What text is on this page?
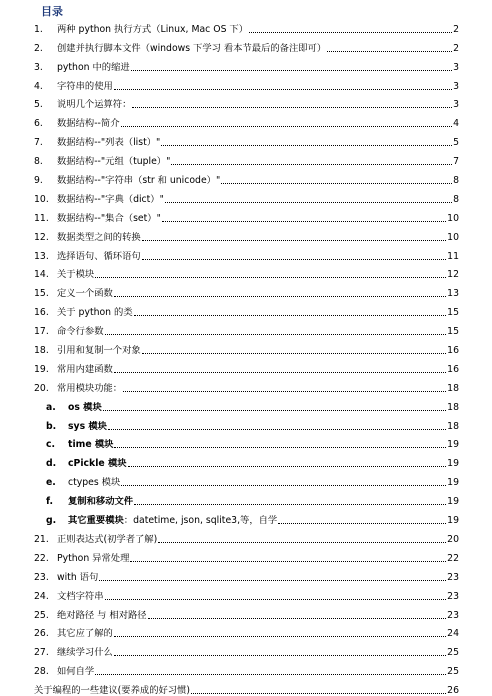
目录
1. 两种 python 执行方式（Linux, Mac OS 下）	2
2. 创建并执行脚本文件（windows 下学习 看本节最后的备注即可）	2
3. python 中的缩进	3
4. 字符串的使用	3
5. 说明几个运算符：	3
6. 数据结构--简介	4
7. 数据结构--"列表（list）"	5
8. 数据结构--"元组（tuple）"	7
9. 数据结构--"字符串（str 和 unicode）"	8
10. 数据结构--"字典（dict）"	8
11. 数据结构--"集合（set）"	10
12. 数据类型之间的转换	10
13. 选择语句、循环语句	11
14. 关于模块	12
15. 定义一个函数	13
16. 关于 python 的类	15
17. 命令行参数	15
18. 引用和复制一个对象	16
19. 常用内建函数	16
20. 常用模块功能：	18
a. os 模块	18
b. sys 模块	18
c. time 模块	19
d. cPickle 模块	19
e. ctypes 模块	19
f. 复制和移动文件	19
g. 其它重要模块：datetime, json, sqlite3,等，自学	19
21. 正则表达式(初学者了解)	20
22. Python 异常处理	22
23. with 语句	23
24. 文档字符串	23
25. 绝对路径 与 相对路径	23
26. 其它应了解的	24
27. 继续学习什么	25
28. 如何自学	25
关于编程的一些建议(要养成的好习惯)	26
